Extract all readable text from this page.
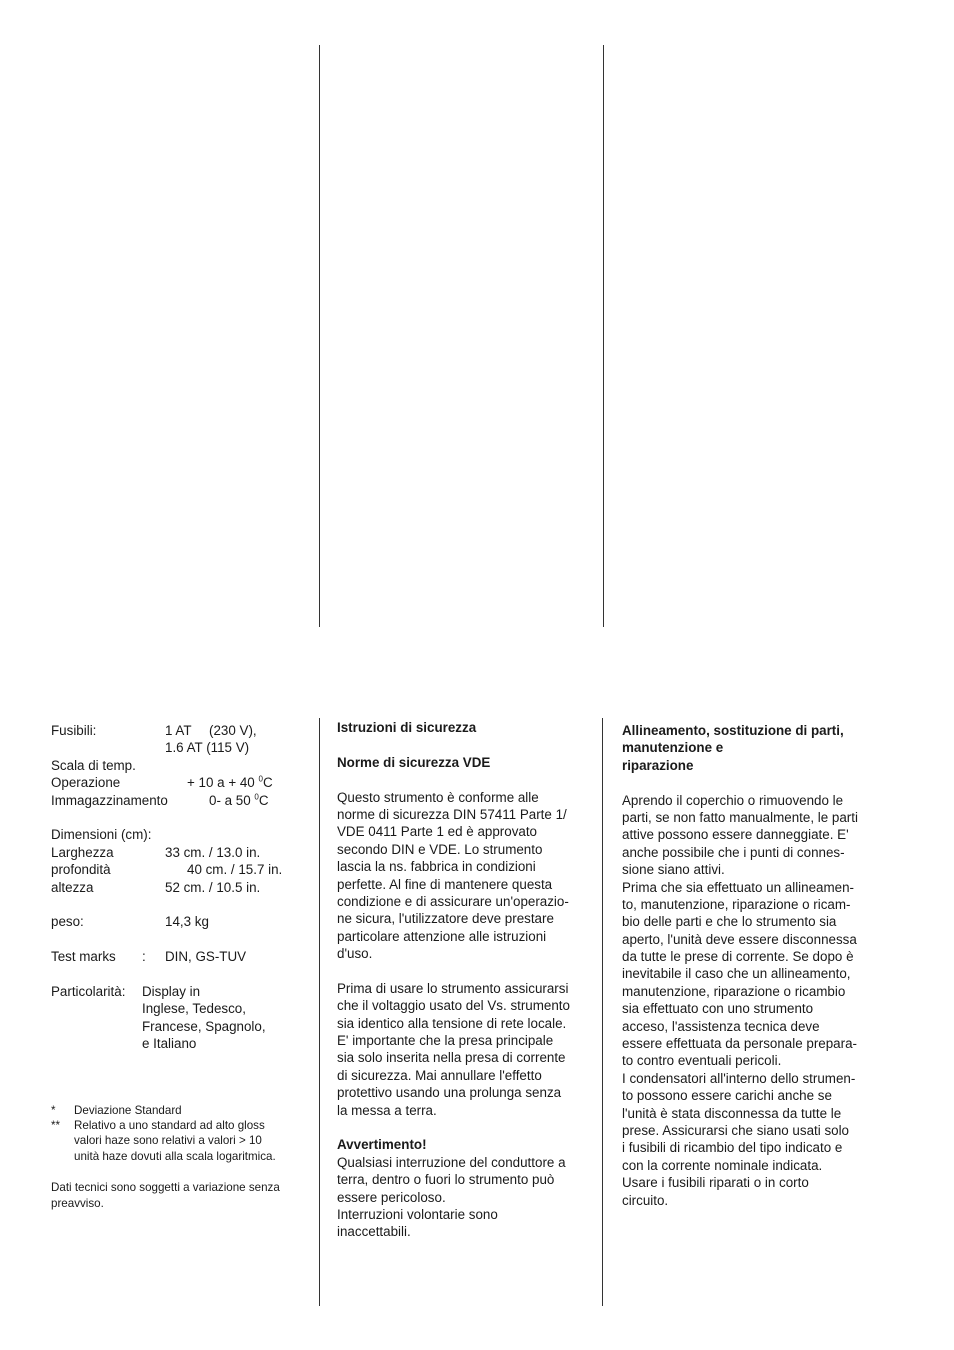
Fusibili:	1 AT (230 V),
1.6 AT (115 V)
Scala di temp.
Operazione	+ 10 a + 40 $^0$C
Immagazzinamento	0- a 50 $^0$C
Dimensioni (cm):
Larghezza	33 cm. / 13.0 in.
profondità	40 cm. / 15.7 in.
altezza	52 cm. / 10.5 in.
peso:	14,3 kg
Test marks : DIN, GS-TUV
Particolarità: Display in
Inglese, Tedesco,
Francese, Spagnolo,
e Italiano
* Deviazione Standard
** Relativo a uno standard ad alto gloss
valori haze sono relativi a valori > 10
unità haze dovuti alla scala logaritmica.
Dati tecnici sono soggetti a variazione senza
preavviso.
Istruzioni di sicurezza
Norme di sicurezza VDE
Questo strumento è conforme alle
norme di sicurezza DIN 57411 Parte 1/
VDE 0411 Parte 1 ed è approvato
secondo DIN e VDE. Lo strumento
lascia la ns. fabbrica in condizioni
perfette. Al fine di mantenere questa
condizione e di assicurare un'operazio-
ne sicura, l'utilizzatore deve prestare
particolare attenzione alle istruzioni
d'uso.
Prima di usare lo strumento assicurarsi
che il voltaggio usato del Vs. strumento
sia identico alla tensione di rete locale.
E' importante che la presa principale
sia solo inserita nella presa di corrente
di sicurezza. Mai annullare l'effetto
protettivo usando una prolunga senza
la messa a terra.
Avvertimento!
Qualsiasi interruzione del conduttore a
terra, dentro o fuori lo strumento può
essere pericoloso.
Interruzioni volontarie sono
inaccettabili.
Allineamento, sostituzione di parti,
manutenzione e
riparazione
Aprendo il coperchio o rimuovendo le
parti, se non fatto manualmente, le parti
attive possono essere danneggiate. E'
anche possibile che i punti di connes-
sione siano attivi.
Prima che sia effettuato un allineamen-
to, manutenzione, riparazione o ricam-
bio delle parti e che lo strumento sia
aperto, l'unità deve essere disconnessa
da tutte le prese di corrente. Se dopo è
inevitabile il caso che un allineamento,
manutenzione, riparazione o ricambio
sia effettuato con uno strumento
acceso, l'assistenza tecnica deve
essere effettuata da personale prepara-
to contro eventuali pericoli.
I condensatori all'interno dello strumen-
to possono essere carichi anche se
l'unità è stata disconnessa da tutte le
prese. Assicurarsi che siano usati solo
i fusibili di ricambio del tipo indicato e
con la corrente nominale indicata.
Usare i fusibili riparati o in corto
circuito.
